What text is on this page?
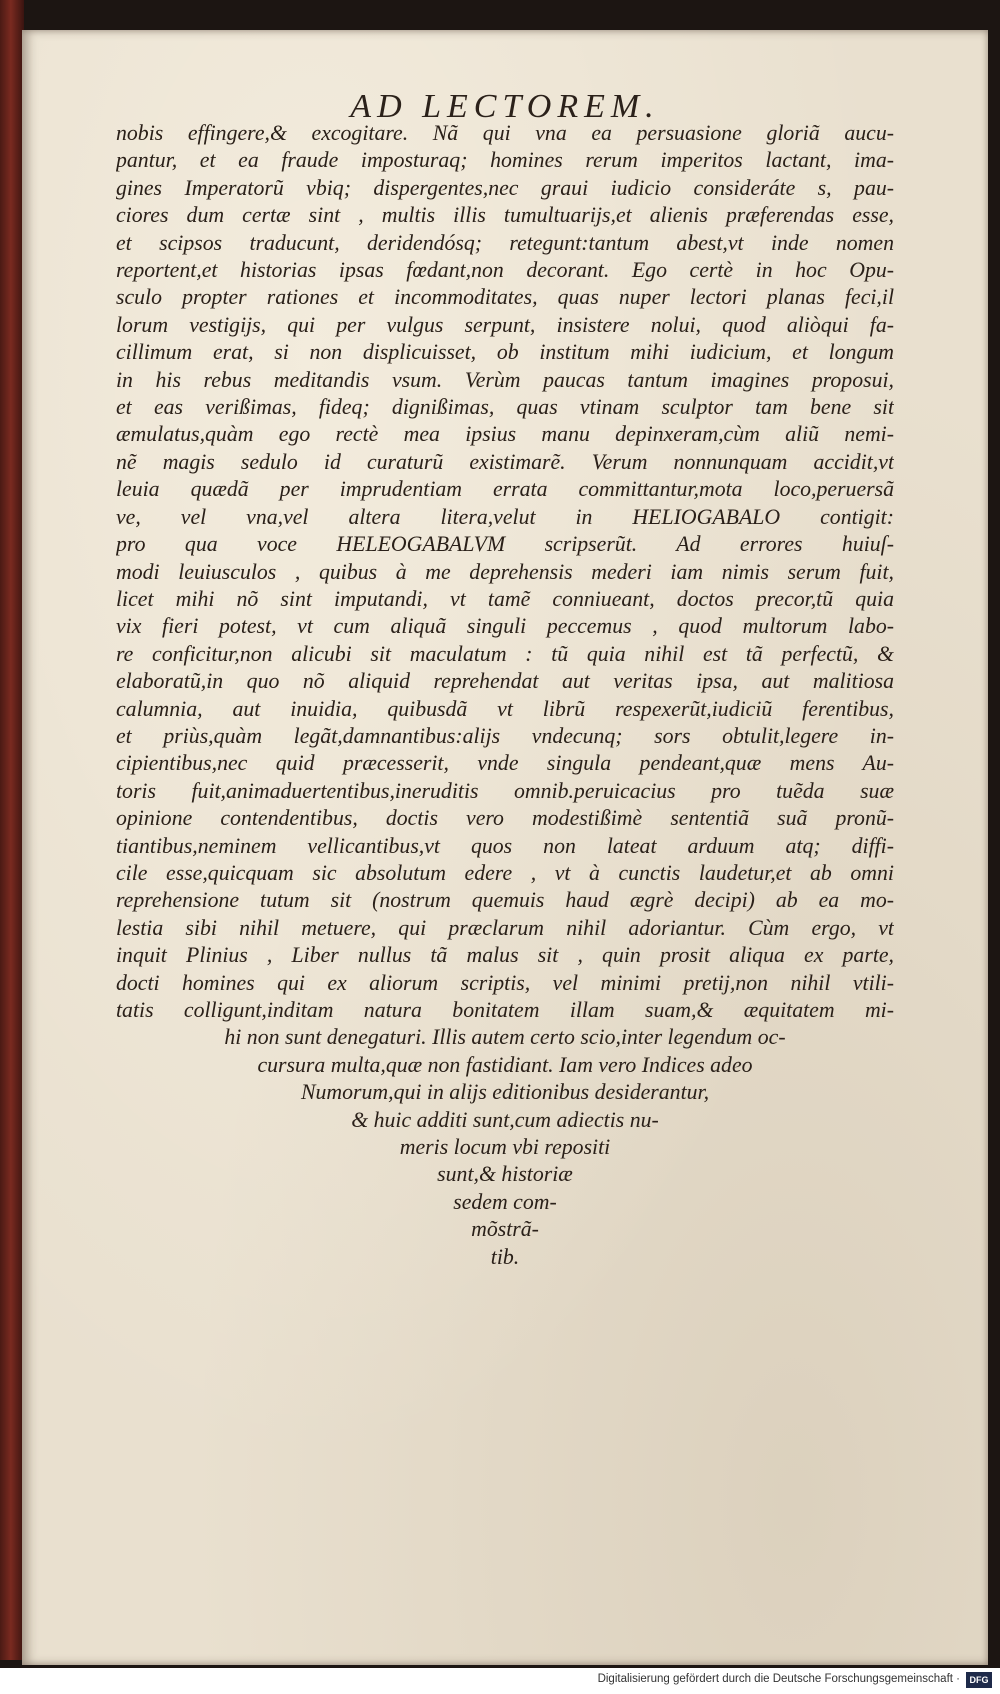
AD LECTOREM.
nobis effingere,& excogitare. Nã qui vna ea persuasione gloriã aucu-
pantur, et ea fraude imposturaq; homines rerum imperitos lactant, ima-
gines Imperatorũ vbiq; dispergentes,nec graui iudicio consideráte s, pau-
ciores dum certæ sint , multis illis tumultuarijs,et alienis præferendas esse,
et scipsos traducunt, deridendósq; retegunt:tantum abest,vt inde nomen
reportent,et historias ipsas fœdant,non decorant. Ego certè in hoc Opu-
sculo propter rationes et incommoditates, quas nuper lectori planas feci,il
lorum vestigijs, qui per vulgus serpunt, insistere nolui, quod aliòqui fa-
cillimum erat, si non displicuisset, ob institum mihi iudicium, et longum
in his rebus meditandis vsum. Verùm paucas tantum imagines proposui,
et eas verißimas, fideq; dignißimas, quas vtinam sculptor tam bene sit
æmulatus,quàm ego rectè mea ipsius manu depinxeram,cùm aliũ nemi-
nẽ magis sedulo id curaturũ existimarẽ. Verum nonnunquam accidit,vt
leuia quædã per imprudentiam errata committantur,mota loco,peruersã
ve, vel vna,vel altera litera,velut in HELIOGABALO contigit:
pro qua voce HELEOGABALVM scripserũt. Ad errores huiuſ-
modi leuiusculos , quibus à me deprehensis mederi iam nimis serum fuit,
licet mihi nõ sint imputandi, vt tamẽ conniueant, doctos precor,tũ quia
vix fieri potest, vt cum aliquã singuli peccemus , quod multorum labo-
re conficitur,non alicubi sit maculatum : tũ quia nihil est tã perfectũ, &
elaboratũ,in quo nõ aliquid reprehendat aut veritas ipsa, aut malitiosa
calumnia, aut inuidia, quibusdã vt librũ respexerũt,iudiciũ ferentibus,
et priùs,quàm legãt,damnantibus:alijs vndecunq; sors obtulit,legere in-
cipientibus,nec quid præcesserit, vnde singula pendeant,quæ mens Au-
toris fuit,animaduertentibus,ineruditis omnib.peruicacius pro tuẽda suæ
opinione contendentibus, doctis vero modestißimè sententiã suã pronũ-
tiantibus,neminem vellicantibus,vt quos non lateat arduum atq; diffi-
cile esse,quicquam sic absolutum edere , vt à cunctis laudetur,et ab omni
reprehensione tutum sit (nostrum quemuis haud ægrè decipi) ab ea mo-
lestia sibi nihil metuere, qui præclarum nihil adoriantur. Cùm ergo, vt
inquit Plinius , Liber nullus tã malus sit , quin prosit aliqua ex parte,
docti homines qui ex aliorum scriptis, vel minimi pretij,non nihil vtili-
tatis colligunt,inditam natura bonitatem illam suam,& æquitatem mi-
hi non sunt denegaturi. Illis autem certo scio,inter legendum oc-
cursura multa,quæ non fastidiant. Iam vero Indices adeo
Numorum,qui in alijs editionibus desiderantur,
& huic additi sunt,cum adiectis nu-
meris locum vbi repositi
sunt,& historiæ
sedem com-
mõstrã-
tib.
Digitalisierung gefördert durch die Deutsche Forschungsgemeinschaft ·	DFG
